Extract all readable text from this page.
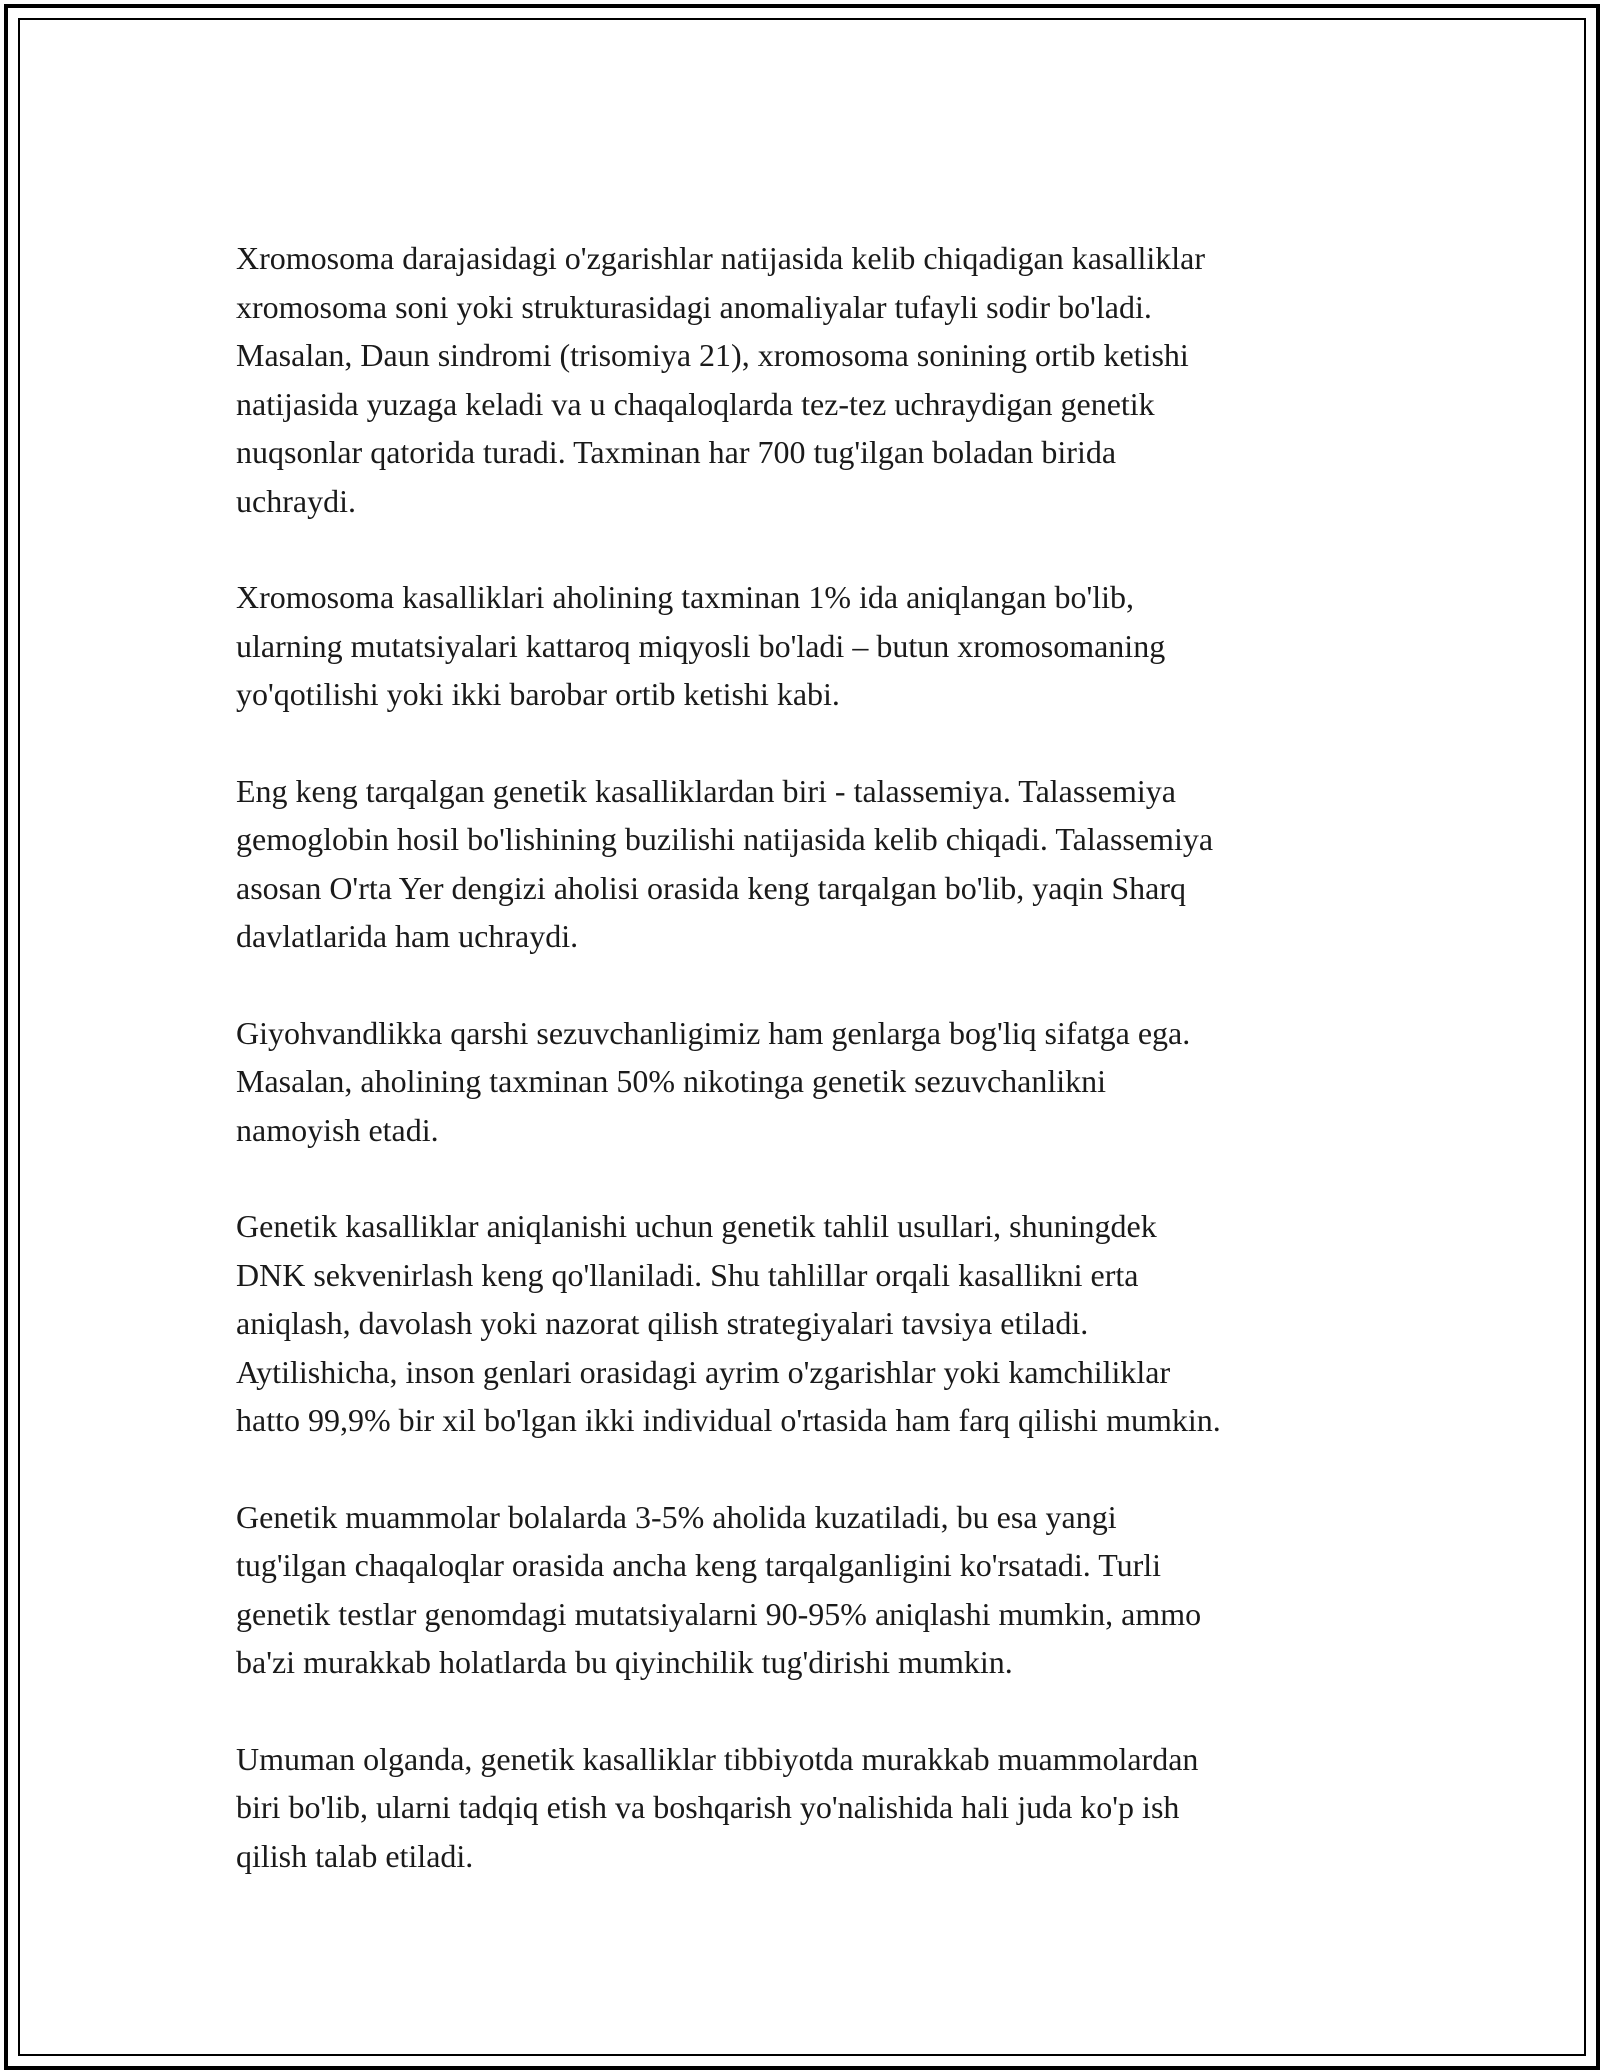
Xromosoma darajasidagi o'zgarishlar natijasida kelib chiqadigan kasalliklar
xromosoma soni yoki strukturasidagi anomaliyalar tufayli sodir bo'ladi.
Masalan, Daun sindromi (trisomiya 21), xromosoma sonining ortib ketishi
natijasida yuzaga keladi va u chaqaloqlarda tez-tez uchraydigan genetik
nuqsonlar qatorida turadi. Taxminan har 700 tug'ilgan boladan birida
uchraydi.

Xromosoma kasalliklari aholining taxminan 1% ida aniqlangan bo'lib,
ularning mutatsiyalari kattaroq miqyosli bo'ladi – butun xromosomaning
yo'qotilishi yoki ikki barobar ortib ketishi kabi.

Eng keng tarqalgan genetik kasalliklardan biri - talassemiya. Talassemiya
gemoglobin hosil bo'lishining buzilishi natijasida kelib chiqadi. Talassemiya
asosan O'rta Yer dengizi aholisi orasida keng tarqalgan bo'lib, yaqin Sharq
davlatlarida ham uchraydi.

Giyohvandlikka qarshi sezuvchanligimiz ham genlarga bog'liq sifatga ega.
Masalan, aholining taxminan 50% nikotinga genetik sezuvchanlikni
namoyish etadi.

Genetik kasalliklar aniqlanishi uchun genetik tahlil usullari, shuningdek
DNK sekvenirlash keng qo'llaniladi. Shu tahlillar orqali kasallikni erta
aniqlash, davolash yoki nazorat qilish strategiyalari tavsiya etiladi.
Aytilishicha, inson genlari orasidagi ayrim o'zgarishlar yoki kamchiliklar
hatto 99,9% bir xil bo'lgan ikki individual o'rtasida ham farq qilishi mumkin.

Genetik muammolar bolalarda 3-5% aholida kuzatiladi, bu esa yangi
tug'ilgan chaqaloqlar orasida ancha keng tarqalganligini ko'rsatadi. Turli
genetik testlar genomdagi mutatsiyalarni 90-95% aniqlashi mumkin, ammo
ba'zi murakkab holatlarda bu qiyinchilik tug'dirishi mumkin.

Umuman olganda, genetik kasalliklar tibbiyotda murakkab muammolardan
biri bo'lib, ularni tadqiq etish va boshqarish yo'nalishida hali juda ko'p ish
qilish talab etiladi.
